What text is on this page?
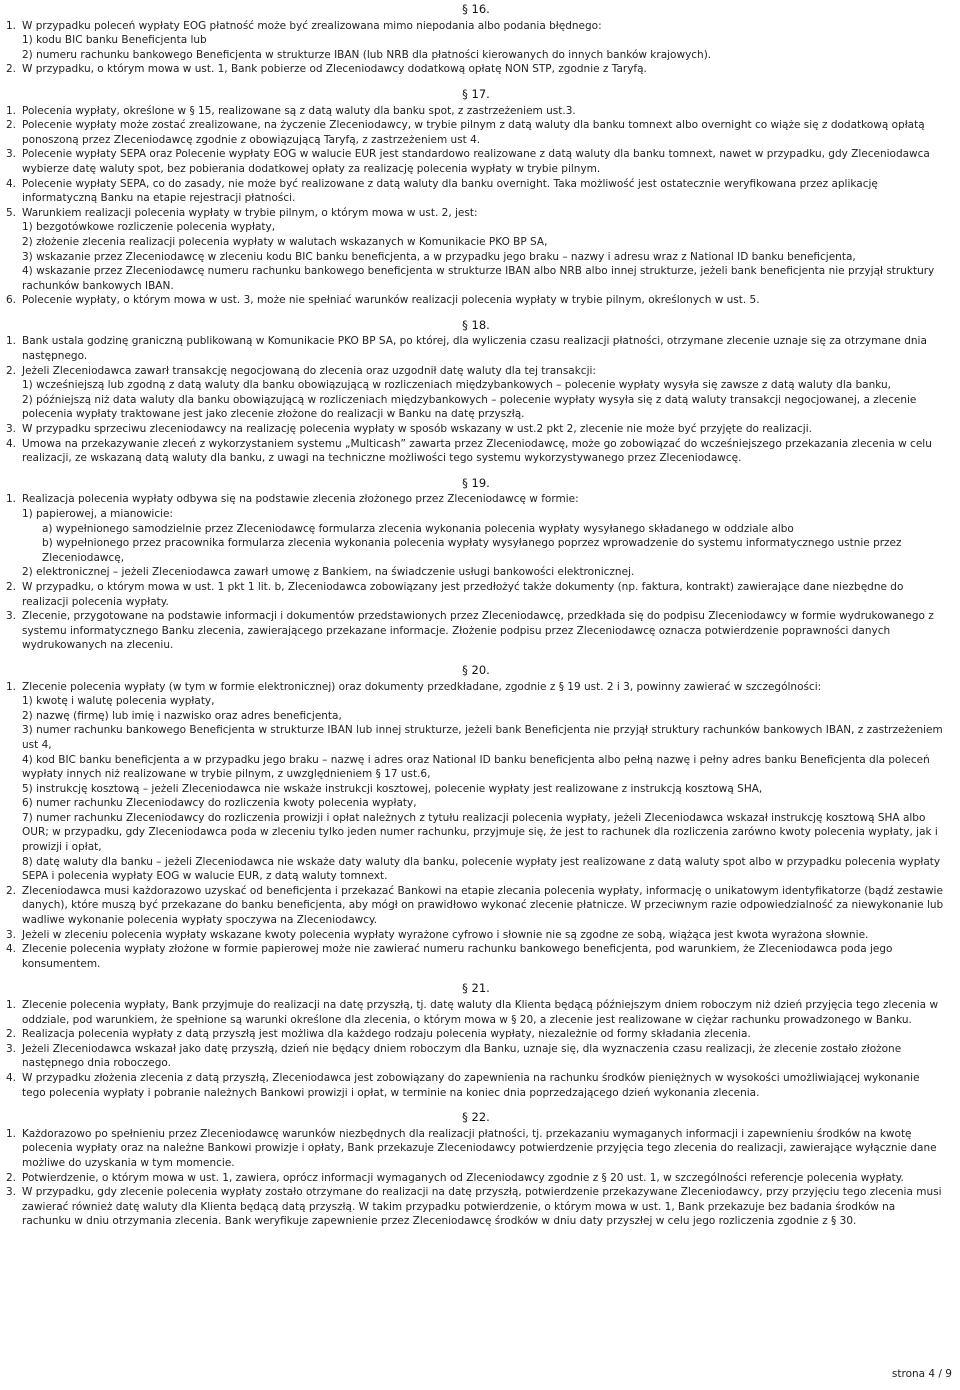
§ 16.
1. W przypadku poleceń wypłaty EOG płatność może być zrealizowana mimo niepodania albo podania błędnego:
1) kodu BIC banku Beneficjenta lub
2) numeru rachunku bankowego Beneficjenta w strukturze IBAN (lub NRB dla płatności kierowanych do innych banków krajowych).
2. W przypadku, o którym mowa w ust. 1, Bank pobierze od Zleceniodawcy dodatkową opłatę NON STP, zgodnie z Taryfą.
§ 17.
1. Polecenia wypłaty, określone w § 15, realizowane są z datą waluty dla banku spot, z zastrzeżeniem ust.3.
2. Polecenie wypłaty może zostać zrealizowane, na życzenie Zleceniodawcy, w trybie pilnym z datą waluty dla banku tomnext albo overnight co wiąże się z dodatkową opłatą ponoszoną przez Zleceniodawcę zgodnie z obowiązującą Taryfą, z zastrzeżeniem ust 4.
3. Polecenie wypłaty SEPA oraz Polecenie wypłaty EOG w walucie EUR jest standardowo realizowane z datą waluty dla banku tomnext, nawet w przypadku, gdy Zleceniodawca wybierze datę waluty spot, bez pobierania dodatkowej opłaty za realizację polecenia wypłaty w trybie pilnym.
4. Polecenie wypłaty SEPA, co do zasady, nie może być realizowane z datą waluty dla banku overnight. Taka możliwość jest ostatecznie weryfikowana przez aplikację informatyczną Banku na etapie rejestracji płatności.
5. Warunkiem realizacji polecenia wypłaty w trybie pilnym, o którym mowa w ust. 2, jest:
1) bezgotówkowe rozliczenie polecenia wypłaty,
2) złożenie zlecenia realizacji polecenia wypłaty w walutach wskazanych w Komunikacie PKO BP SA,
3) wskazanie przez Zleceniodawcę w zleceniu kodu BIC banku beneficjenta, a w przypadku jego braku – nazwy i adresu wraz z National ID banku beneficjenta,
4) wskazanie przez Zleceniodawcę numeru rachunku bankowego beneficjenta w strukturze IBAN albo NRB albo innej strukturze, jeżeli bank beneficjenta nie przyjął struktury rachunków bankowych IBAN.
6. Polecenie wypłaty, o którym mowa w ust. 3, może nie spełniać warunków realizacji polecenia wypłaty w trybie pilnym, określonych w ust. 5.
§ 18.
1. Bank ustala godzinę graniczną publikowaną w Komunikacie PKO BP SA, po której, dla wyliczenia czasu realizacji płatności, otrzymane zlecenie uznaje się za otrzymane dnia następnego.
2. Jeżeli Zleceniodawca zawarł transakcję negocjowaną do zlecenia oraz uzgodnił datę waluty dla tej transakcji:
1) wcześniejszą lub zgodną z datą waluty dla banku obowiązującą w rozliczeniach międzybankowych – polecenie wypłaty wysyła się zawsze z datą waluty dla banku,
2) późniejszą niż data waluty dla banku obowiązującą w rozliczeniach międzybankowych – polecenie wypłaty wysyła się z datą waluty transakcji negocjowanej, a zlecenie polecenia wypłaty traktowane jest jako zlecenie złożone do realizacji w Banku na datę przyszłą.
3. W przypadku sprzeciwu zleceniodawcy na realizację polecenia wypłaty w sposób wskazany w ust.2 pkt 2, zlecenie nie może być przyjęte do realizacji.
4. Umowa na przekazywanie zleceń z wykorzystaniem systemu „Multicash” zawarta przez Zleceniodawcę, może go zobowiązać do wcześniejszego przekazania zlecenia w celu realizacji, ze wskazaną datą waluty dla banku, z uwagi na techniczne możliwości tego systemu wykorzystywanego przez Zleceniodawcę.
§ 19.
1. Realizacja polecenia wypłaty odbywa się na podstawie zlecenia złożonego przez Zleceniodawcę w formie:
1) papierowej, a mianowicie:
a) wypełnionego samodzielnie przez Zleceniodawcę formularza zlecenia wykonania polecenia wypłaty wysyłanego składanego w oddziale albo
b) wypełnionego przez pracownika formularza zlecenia wykonania polecenia wypłaty wysyłanego poprzez wprowadzenie do systemu informatycznego ustnie przez Zleceniodawcę,
2) elektronicznej – jeżeli Zleceniodawca zawarł umowę z Bankiem, na świadczenie usługi bankowości elektronicznej.
2. W przypadku, o którym mowa w ust. 1 pkt 1 lit. b, Zleceniodawca zobowiązany jest przedłożyć także dokumenty (np. faktura, kontrakt) zawierające dane niezbędne do realizacji polecenia wypłaty.
3. Zlecenie, przygotowane na podstawie informacji i dokumentów przedstawionych przez Zleceniodawcę, przedkłada się do podpisu Zleceniodawcy w formie wydrukowanego z systemu informatycznego Banku zlecenia, zawierającego przekazane informacje. Złożenie podpisu przez Zleceniodawcę oznacza potwierdzenie poprawności danych wydrukowanych na zleceniu.
§ 20.
1. Zlecenie polecenia wypłaty (w tym w formie elektronicznej) oraz dokumenty przedkładane, zgodnie z § 19 ust. 2 i 3, powinny zawierać w szczególności:
1) kwotę i walutę polecenia wypłaty,
2) nazwę (firmę) lub imię i nazwisko oraz adres beneficjenta,
3) numer rachunku bankowego Beneficjenta w strukturze IBAN lub innej strukturze, jeżeli bank Beneficjenta nie przyjął struktury rachunków bankowych IBAN, z zastrzeżeniem ust 4,
4) kod BIC banku beneficjenta a w przypadku jego braku – nazwę i adres oraz National ID banku beneficjenta albo pełną nazwę i pełny adres banku Beneficjenta dla poleceń wypłaty innych niż realizowane w trybie pilnym, z uwzględnieniem § 17 ust.6,
5) instrukcję kosztową – jeżeli Zleceniodawca nie wskaże instrukcji kosztowej, polecenie wypłaty jest realizowane z instrukcją kosztową SHA,
6) numer rachunku Zleceniodawcy do rozliczenia kwoty polecenia wypłaty,
7) numer rachunku Zleceniodawcy do rozliczenia prowizji i opłat należnych z tytułu realizacji polecenia wypłaty, jeżeli Zleceniodawca wskazał instrukcję kosztową SHA albo OUR; w przypadku, gdy Zleceniodawca poda w zleceniu tylko jeden numer rachunku, przyjmuje się, że jest to rachunek dla rozliczenia zarówno kwoty polecenia wypłaty, jak i prowizji i opłat,
8) datę waluty dla banku – jeżeli Zleceniodawca nie wskaże daty waluty dla banku, polecenie wypłaty jest realizowane z datą waluty spot albo w przypadku polecenia wypłaty SEPA i polecenia wypłaty EOG w walucie EUR, z datą waluty tomnext.
2. Zleceniodawca musi każdorazowo uzyskać od beneficjenta i przekazać Bankowi na etapie zlecania polecenia wypłaty, informację o unikatowym identyfikatorze (bądź zestawie danych), które muszą być przekazane do banku beneficjenta, aby mógł on prawidłowo wykonać zlecenie płatnicze. W przeciwnym razie odpowiedzialność za niewykonanie lub wadliwe wykonanie polecenia wypłaty spoczywa na Zleceniodawcy.
3. Jeżeli w zleceniu polecenia wypłaty wskazane kwoty polecenia wypłaty wyrażone cyfrowo i słownie nie są zgodne ze sobą, wiążąca jest kwota wyrażona słownie.
4. Zlecenie polecenia wypłaty złożone w formie papierowej może nie zawierać numeru rachunku bankowego beneficjenta, pod warunkiem, że Zleceniodawca poda jego konsumentem.
§ 21.
1. Zlecenie polecenia wypłaty, Bank przyjmuje do realizacji na datę przyszłą, tj. datę waluty dla Klienta będącą późniejszym dniem roboczym niż dzień przyjęcia tego zlecenia w oddziale, pod warunkiem, że spełnione są warunki określone dla zlecenia, o którym mowa w § 20, a zlecenie jest realizowane w ciężar rachunku prowadzonego w Banku.
2. Realizacja polecenia wypłaty z datą przyszłą jest możliwa dla każdego rodzaju polecenia wypłaty, niezależnie od formy składania zlecenia.
3. Jeżeli Zleceniodawca wskazał jako datę przyszłą, dzień nie będący dniem roboczym dla Banku, uznaje się, dla wyznaczenia czasu realizacji, że zlecenie zostało złożone następnego dnia roboczego.
4. W przypadku złożenia zlecenia z datą przyszłą, Zleceniodawca jest zobowiązany do zapewnienia na rachunku środków pieniężnych w wysokości umożliwiającej wykonanie tego polecenia wypłaty i pobranie należnych Bankowi prowizji i opłat, w terminie na koniec dnia poprzedzającego dzień wykonania zlecenia.
§ 22.
1. Każdorazowo po spełnieniu przez Zleceniodawcę warunków niezbędnych dla realizacji płatności, tj. przekazaniu wymaganych informacji i zapewnieniu środków na kwotę polecenia wypłaty oraz na należne Bankowi prowizje i opłaty, Bank przekazuje Zleceniodawcy potwierdzenie przyjęcia tego zlecenia do realizacji, zawierające wyłącznie dane możliwe do uzyskania w tym momencie.
2. Potwierdzenie, o którym mowa w ust. 1, zawiera, oprócz informacji wymaganych od Zleceniodawcy zgodnie z § 20 ust. 1, w szczególności referencje polecenia wypłaty.
3. W przypadku, gdy zlecenie polecenia wypłaty zostało otrzymane do realizacji na datę przyszłą, potwierdzenie przekazywane Zleceniodawcy, przy przyjęciu tego zlecenia musi zawierać również datę waluty dla Klienta będącą datą przyszłą. W takim przypadku potwierdzenie, o którym mowa w ust. 1, Bank przekazuje bez badania środków na rachunku w dniu otrzymania zlecenia. Bank weryfikuje zapewnienie przez Zleceniodawcę środków w dniu daty przyszłej w celu jego rozliczenia zgodnie z § 30.
strona 4 / 9
